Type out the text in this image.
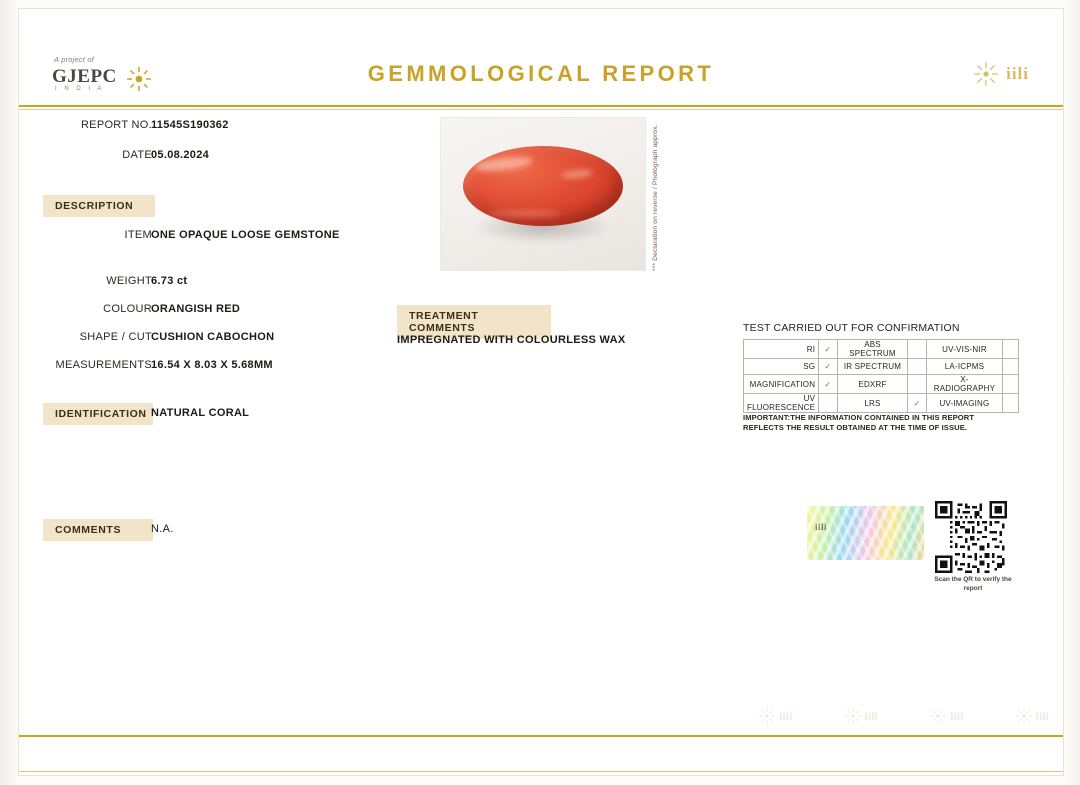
A project of
GJEPC
I N D I A
GEMMOLOGICAL REPORT	iili
REPORT NO. 11545S190362
DATE 05.08.2024
DESCRIPTION
ITEM ONE OPAQUE LOOSE GEMSTONE
WEIGHT 6.73 ct
COLOUR ORANGISH RED
SHAPE / CUT CUSHION CABOCHON
MEASUREMENTS 16.54 X 8.03 X 5.68MM
IDENTIFICATION NATURAL CORAL
COMMENTS	N.A.
*** Declaration on reverse / Photograph approx.
TREATMENT COMMENTS
IMPREGNATED WITH COLOURLESS WAX
TEST CARRIED OUT FOR CONFIRMATION
RI	✓	ABS SPECTRUM		UV-VIS-NIR	
SG	✓	IR SPECTRUM		LA-ICPMS	
MAGNIFICATION	✓	EDXRF		X-RADIOGRAPHY	
UV FLUORESCENCE		LRS	✓	UV-IMAGING	
IMPORTANT:THE INFORMATION CONTAINED IN THIS REPORT REFLECTS THE RESULT OBTAINED AT THE TIME OF ISSUE.
iili
Scan the QR to verify the report
iili	iili	iili	iili
